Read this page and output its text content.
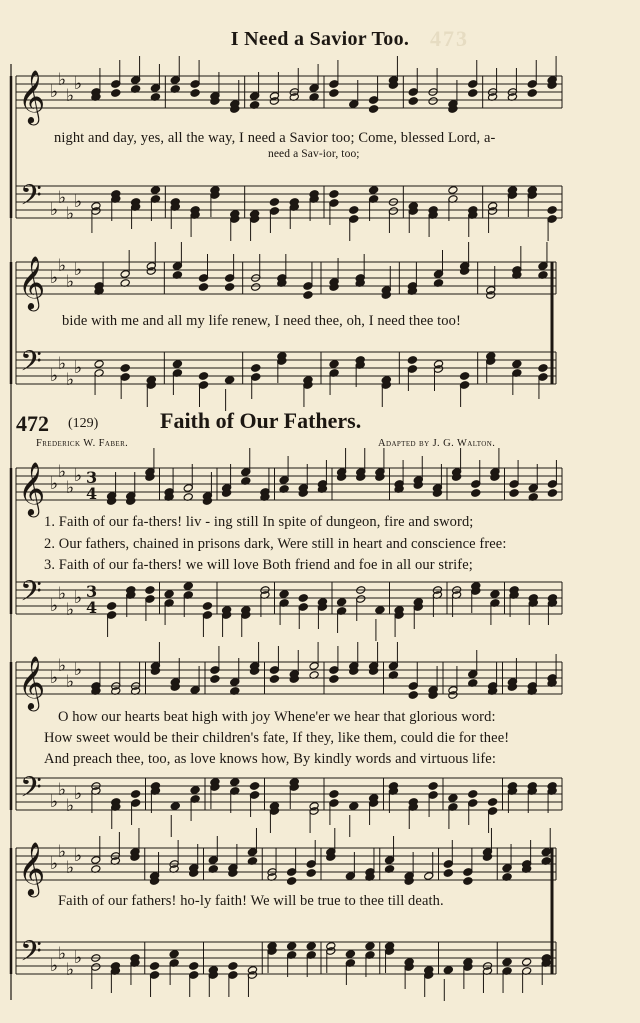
473
I Need a Savior Too.
𝄞
𝄢
♭
♭
♭
♭
♭
♭
♭
♭
𝄞
𝄢
♭
♭
♭
♭
♭
♭
♭
♭
𝄞
𝄢
♭
♭
♭
♭
♭
♭
♭
♭
3
4
3
4
𝄞
𝄢
♭
♭
♭
♭
♭
♭
♭
♭
𝄞
𝄢
♭
♭
♭
♭
♭
♭
♭
♭
night and day, yes, all the way, I need a Savior too; Come, blessed Lord, a-
need a Sav-ior, too;
bide with me and all my life renew, I need thee, oh, I need thee too!
472 (129)	Faith of Our Fathers.
Frederick W. Faber.	Adapted by J. G. Walton.
1. Faith of our fa-thers! liv - ing still In spite of dungeon, fire and sword;
2. Our fathers, chained in prisons dark, Were still in heart and conscience free:
3. Faith of our fa-thers! we will love Both friend and foe in all our strife;
O how our hearts beat high with joy Whene'er we hear that glorious word:
How sweet would be their children's fate, If they, like them, could die for thee!
And preach thee, too, as love knows how, By kindly words and virtuous life:
Faith of our fathers! ho-ly faith! We will be true to thee till death.
